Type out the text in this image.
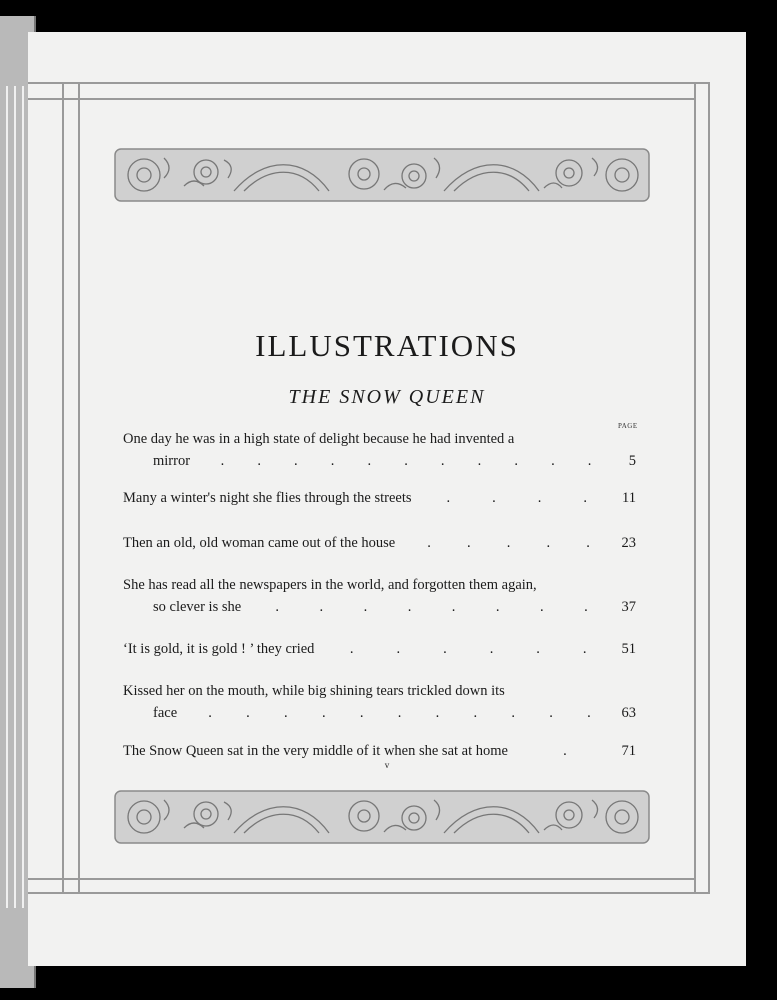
ILLUSTRATIONS
THE SNOW QUEEN
PAGE
One day he was in a high state of delight because he had invented a
mirror . . . . . . . . . . .	5
Many a winter's night she flies through the streets .	.	.	. 11
Then an old, old woman came out of the house . . . . . 23
She has read all the newspapers in the world, and forgotten them again,
so clever is she .	.	.	.	.	.	.	. 37
‘It is gold, it is gold ! ’ they cried .	.	.	.	.	. 51
Kissed her on the mouth, while big shining tears trickled down its
face . . . . . . . . . . . 63
The Snow Queen sat in the very middle of it when she sat at home	.	71
v
